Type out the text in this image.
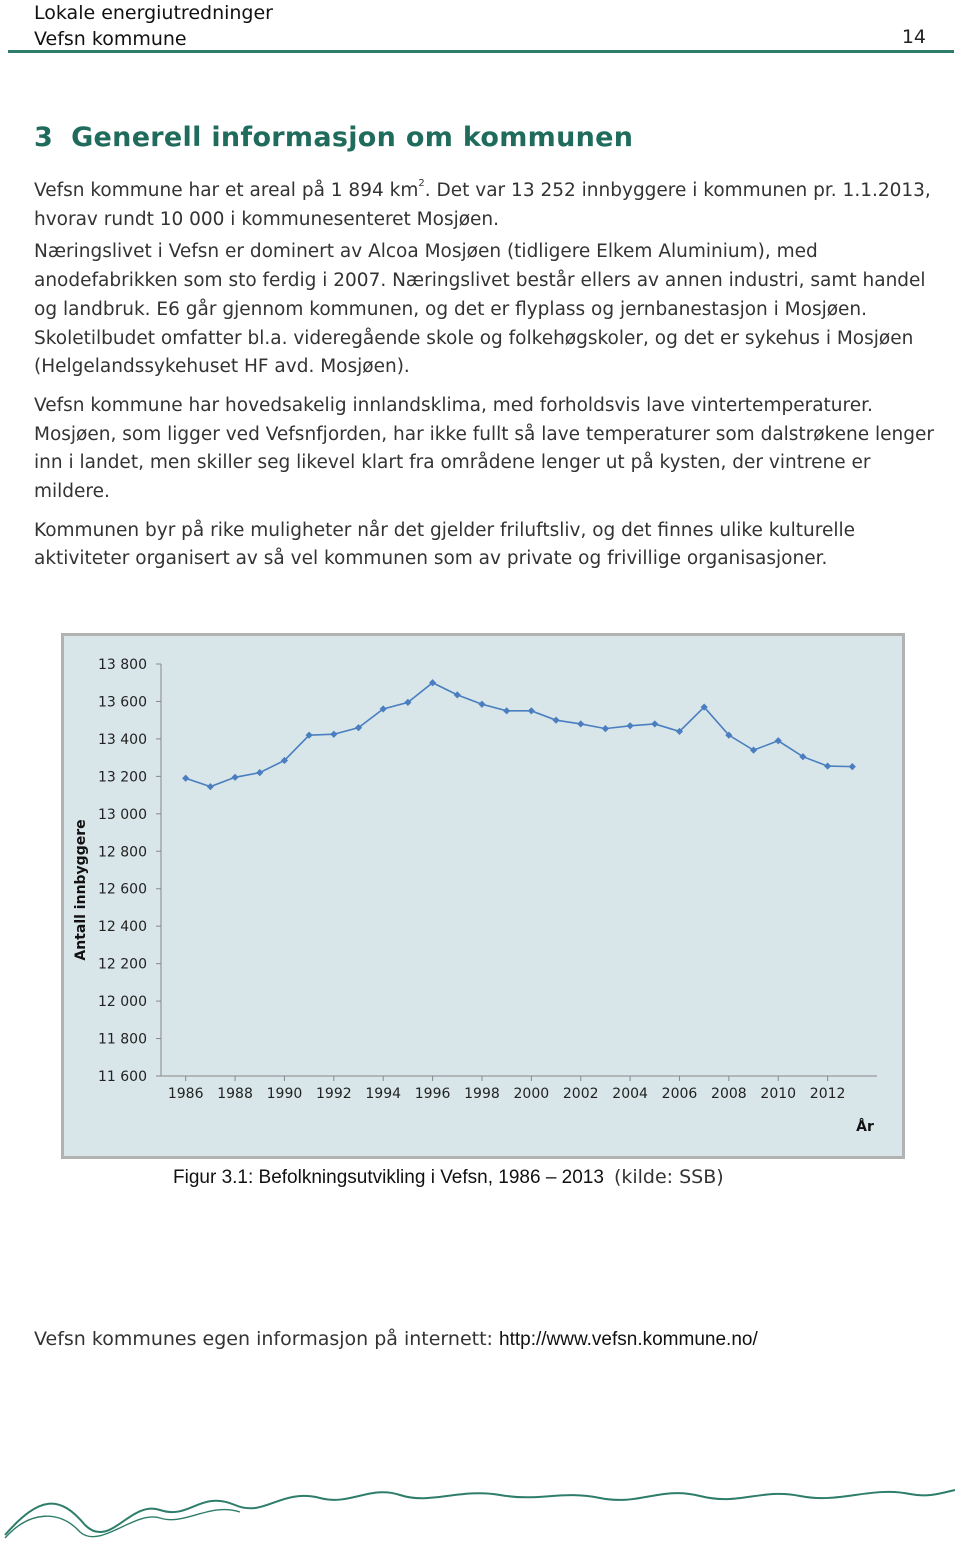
Lokale energiutredninger
Vefsn kommune	14
3 Generell informasjon om kommunen

Vefsn kommune har et areal på 1 894 $km^2$. Det var 13 252 innbyggere i kommunen pr. 1.1.2013, hvorav rundt 10 000 i kommunesenteret Mosjøen.

Næringslivet i Vefsn er dominert av Alcoa Mosjøen (tidligere Elkem Aluminium), med anodefabrikken som sto ferdig i 2007. Næringslivet består ellers av annen industri, samt handel og landbruk. E6 går gjennom kommunen, og det er flyplass og jernbanestasjon i Mosjøen. Skoletilbudet omfatter bl.a. videregående skole og folkehøgskoler, og det er sykehus i Mosjøen (Helgelandssykehuset HF avd. Mosjøen).

Vefsn kommune har hovedsakelig innlandsklima, med forholdsvis lave vintertemperaturer. Mosjøen, som ligger ved Vefsnfjorden, har ikke fullt så lave temperaturer som dalstrøkene lenger inn i landet, men skiller seg likevel klart fra områdene lenger ut på kysten, der vintrene er mildere.

Kommunen byr på rike muligheter når det gjelder friluftsliv, og det finnes ulike kulturelle aktiviteter organisert av så vel kommunen som av private og frivillige organisasjoner.

11 600
11 800
12 000
12 200
12 400
12 600
12 800
13 000
13 200
13 400
13 600
13 800
1986 1988 1990 1992 1994 1996 1998 2000 2002 2004 2006 2008 2010 2012
Antall innbyggere
År
Figur 3.1: Befolkningsutvikling i Vefsn, 1986 – 2013 (kilde: SSB)
Vefsn kommunes egen informasjon på internett: http://www.vefsn.kommune.no/
